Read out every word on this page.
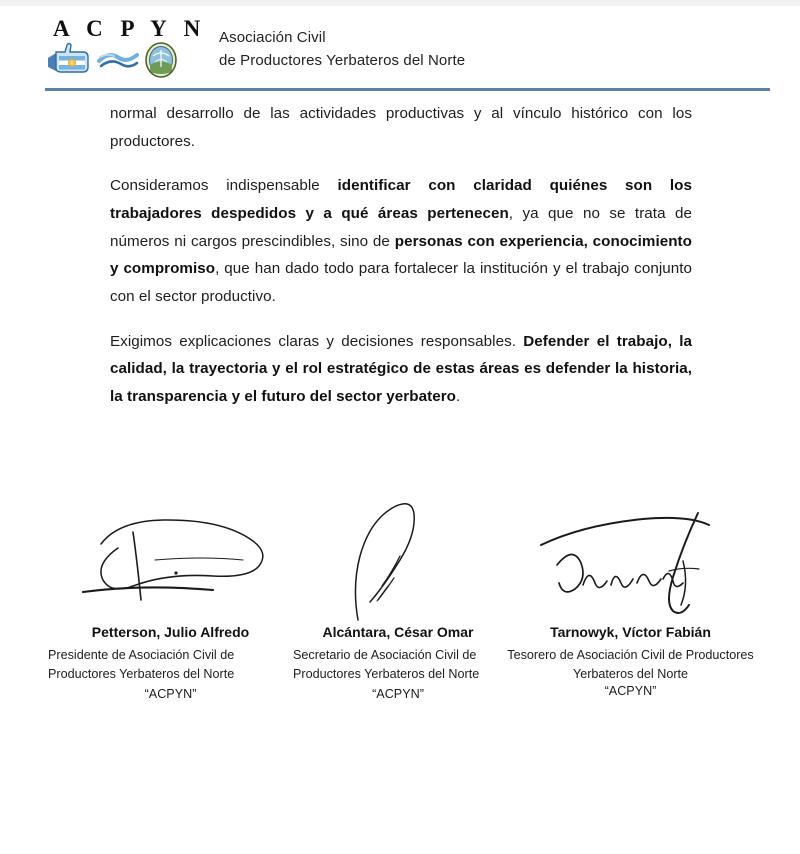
A C P Y N Asociación Civil
de Productores Yerbateros del Norte

normal desarrollo de las actividades productivas y al vínculo histórico con los productores.

Consideramos indispensable identificar con claridad quiénes son los trabajadores despedidos y a qué áreas pertenecen, ya que no se trata de números ni cargos prescindibles, sino de personas con experiencia, conocimiento y compromiso, que han dado todo para fortalecer la institución y el trabajo conjunto con el sector productivo.

Exigimos explicaciones claras y decisiones responsables. Defender el trabajo, la calidad, la trayectoria y el rol estratégico de estas áreas es defender la historia, la transparencia y el futuro del sector yerbatero.

Petterson, Julio Alfredo
Presidente de Asociación Civil de Productores Yerbateros del Norte
“ACPYN”
Alcántara, César Omar
Secretario de Asociación Civil de Productores Yerbateros del Norte
“ACPYN”
Tarnowyk, Víctor Fabián
Tesorero de Asociación Civil de Productores Yerbateros del Norte
“ACPYN”
